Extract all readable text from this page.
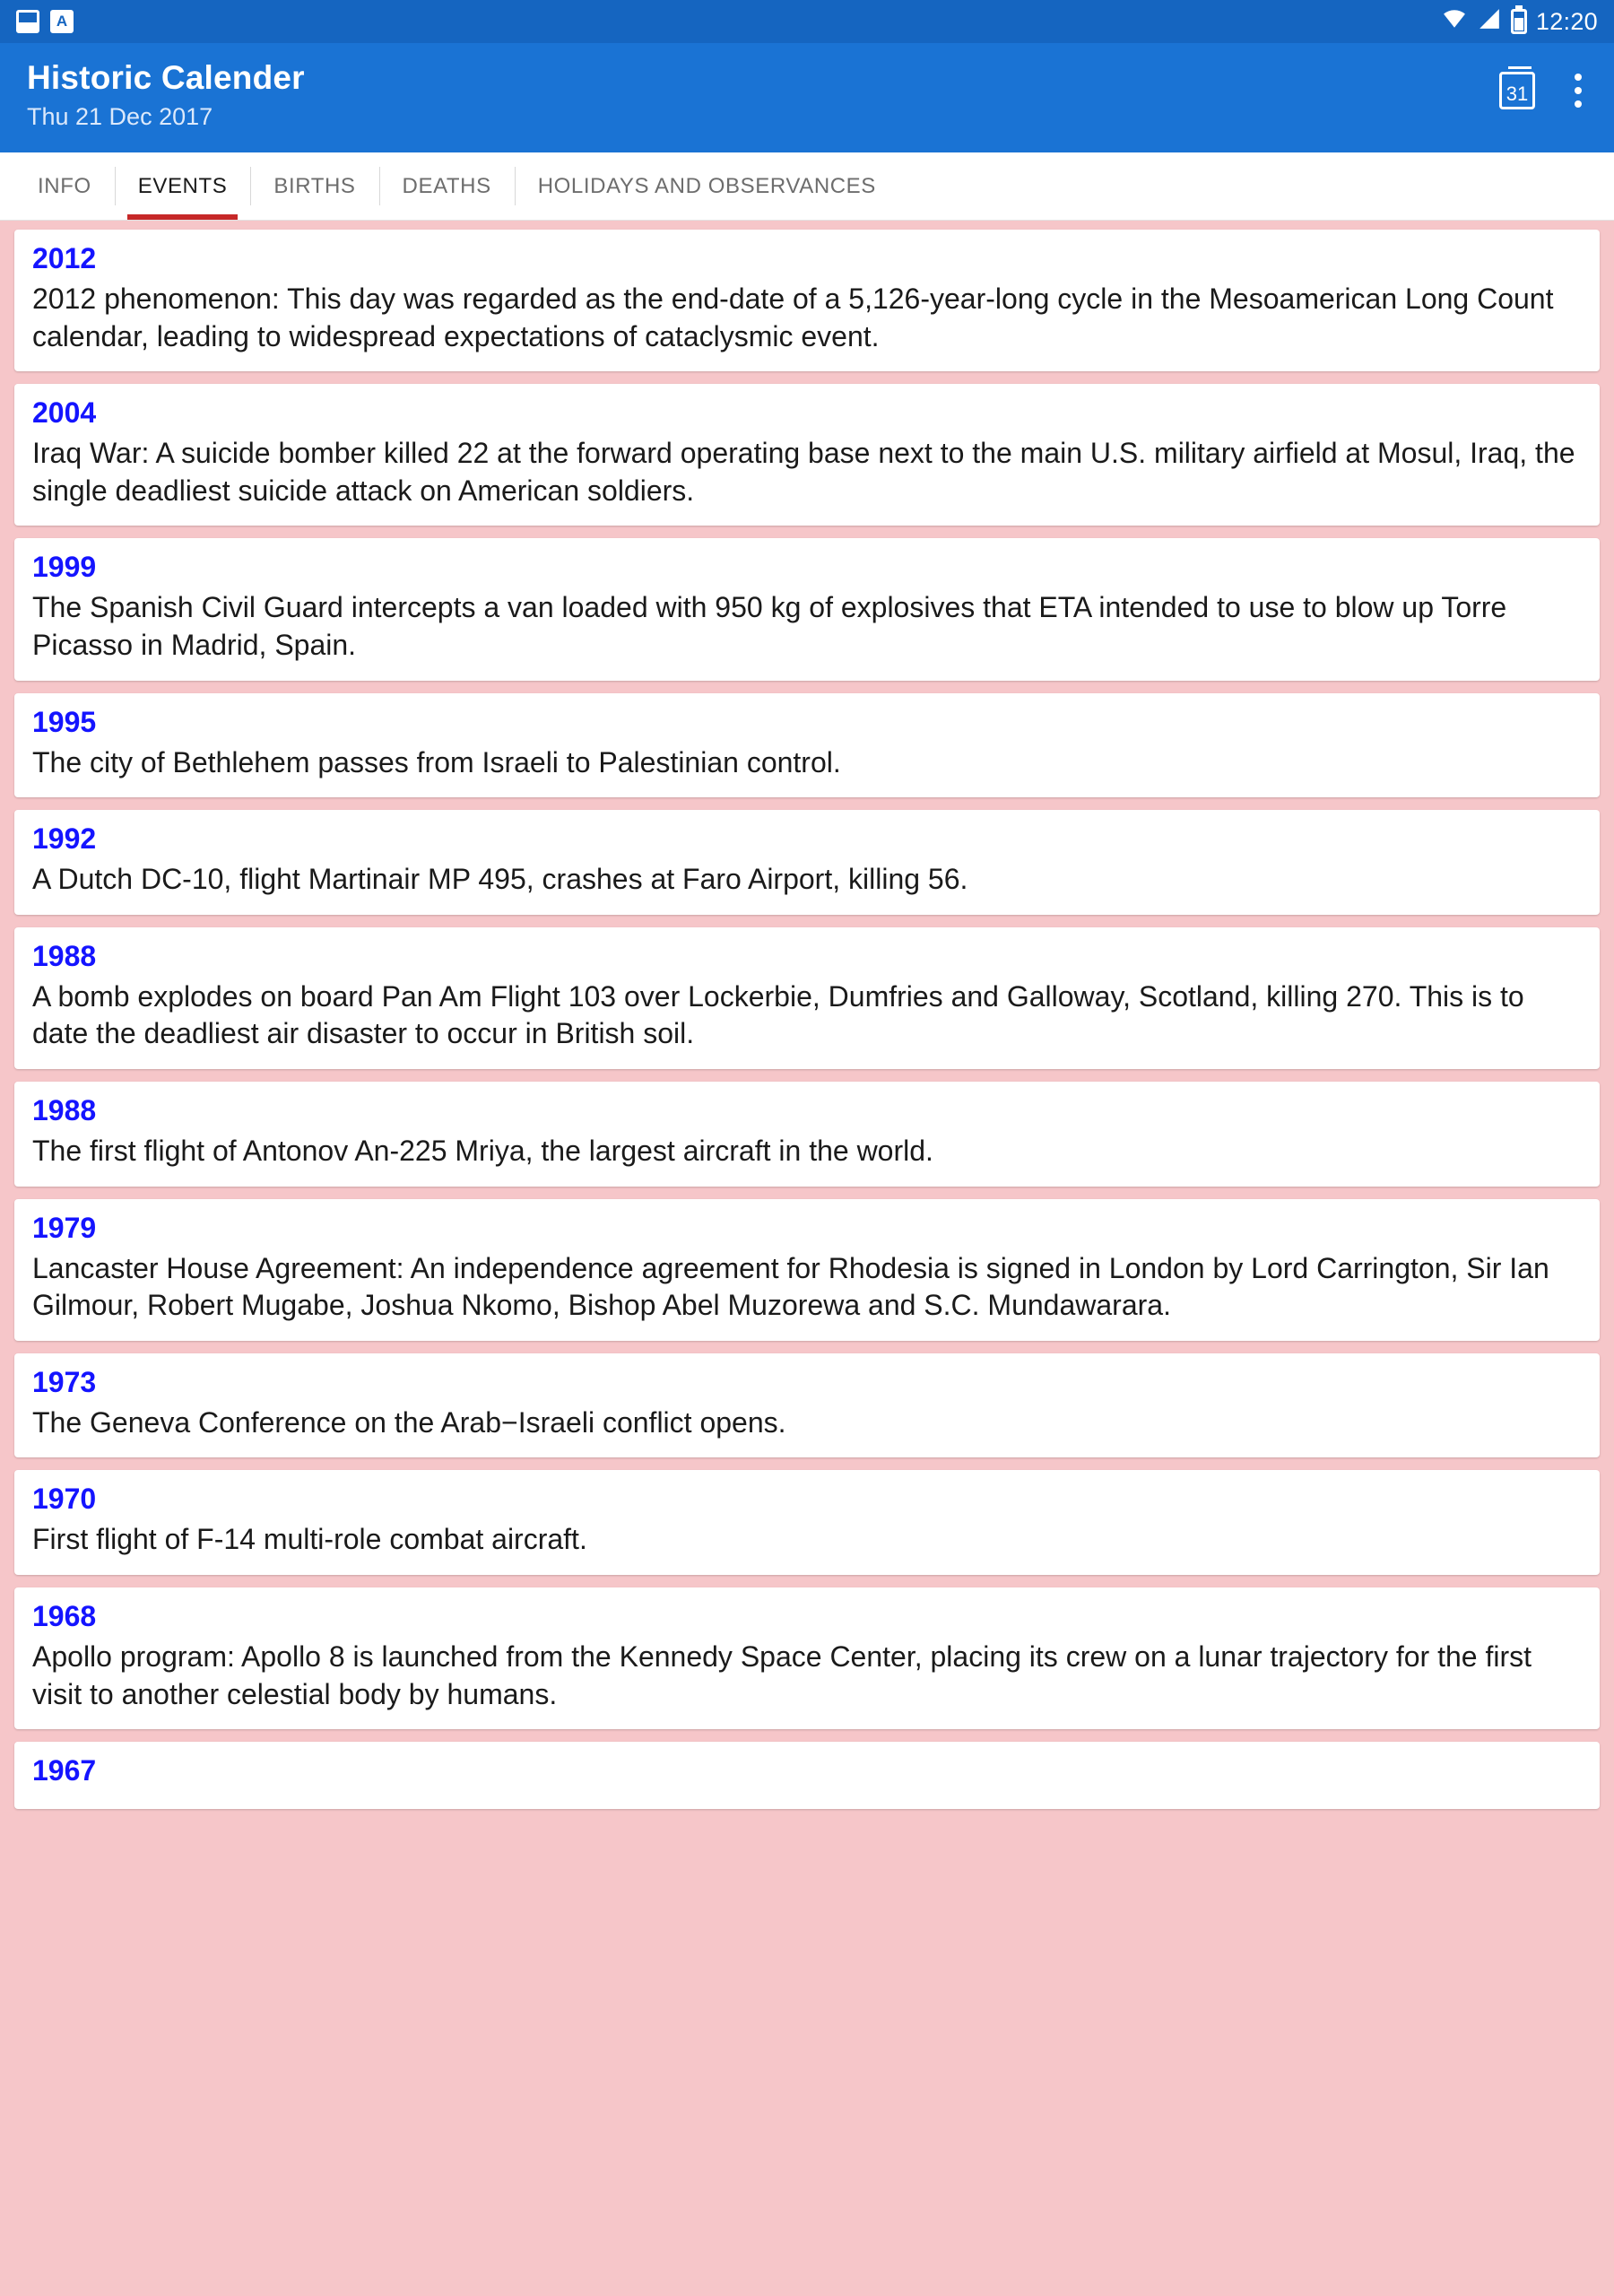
A
12:20
Historic Calender
Thu 21 Dec 2017
31
INFO	EVENTS	BIRTHS	DEATHS	HOLIDAYS AND OBSERVANCES
2012
2012 phenomenon: This day was regarded as the end-date of a 5,126-year-long cycle in the Mesoamerican Long Count calendar, leading to widespread expectations of cataclysmic event.
2004
Iraq War: A suicide bomber killed 22 at the forward operating base next to the main U.S. military airfield at Mosul, Iraq, the single deadliest suicide attack on American soldiers.
1999
The Spanish Civil Guard intercepts a van loaded with 950 kg of explosives that ETA intended to use to blow up Torre Picasso in Madrid, Spain.
1995
The city of Bethlehem passes from Israeli to Palestinian control.
1992
A Dutch DC-10, flight Martinair MP 495, crashes at Faro Airport, killing 56.
1988
A bomb explodes on board Pan Am Flight 103 over Lockerbie, Dumfries and Galloway, Scotland, killing 270. This is to date the deadliest air disaster to occur in British soil.
1988
The first flight of Antonov An-225 Mriya, the largest aircraft in the world.
1979
Lancaster House Agreement: An independence agreement for Rhodesia is signed in London by Lord Carrington, Sir Ian Gilmour, Robert Mugabe, Joshua Nkomo, Bishop Abel Muzorewa and S.C. Mundawarara.
1973
The Geneva Conference on the Arab−Israeli conflict opens.
1970
First flight of F-14 multi-role combat aircraft.
1968
Apollo program: Apollo 8 is launched from the Kennedy Space Center, placing its crew on a lunar trajectory for the first visit to another celestial body by humans.
1967
